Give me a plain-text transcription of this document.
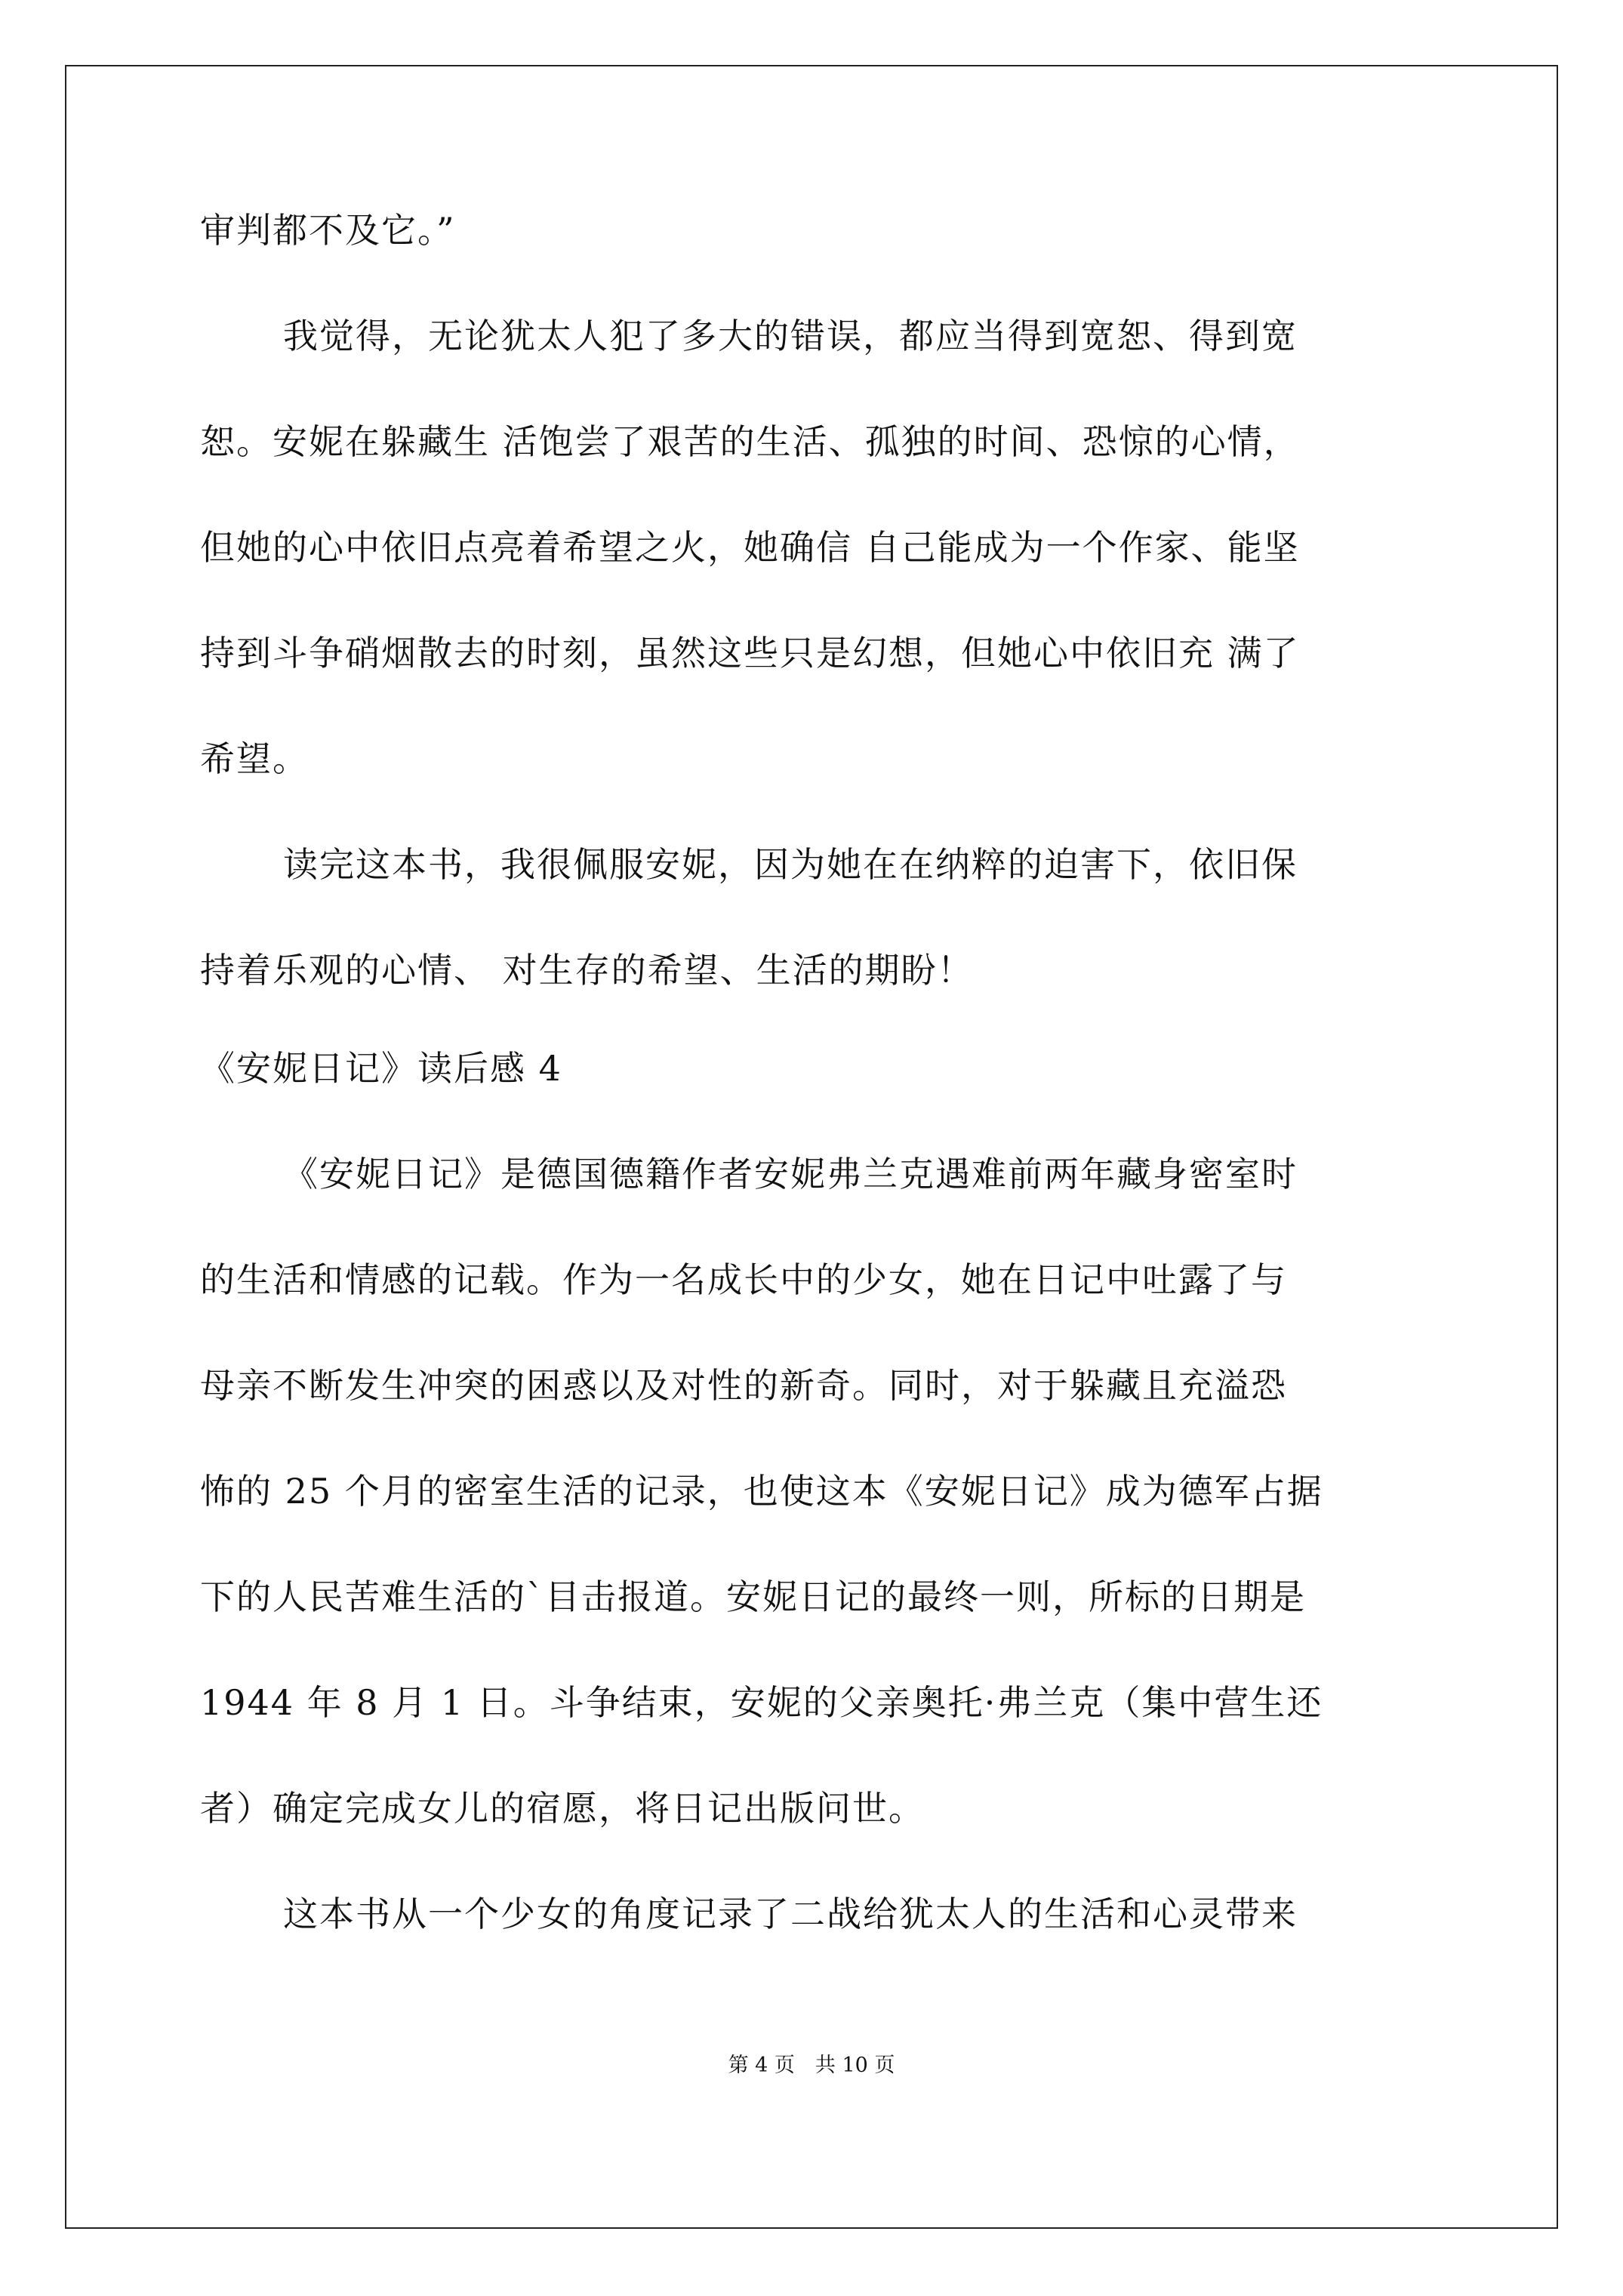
审判都不及它。”
我觉得，无论犹太人犯了多大的错误，都应当得到宽恕、得到宽
恕。安妮在躲藏生 活饱尝了艰苦的生活、孤独的时间、恐惊的心情，
但她的心中依旧点亮着希望之火，她确信 自己能成为一个作家、能坚
持到斗争硝烟散去的时刻，虽然这些只是幻想，但她心中依旧充 满了
希望。
读完这本书，我很佩服安妮，因为她在在纳粹的迫害下，依旧保
持着乐观的心情、 对生存的希望、生活的期盼！
《安妮日记》读后感 4
《安妮日记》是德国德籍作者安妮弗兰克遇难前两年藏身密室时
的生活和情感的记载。作为一名成长中的少女，她在日记中吐露了与
母亲不断发生冲突的困惑以及对性的新奇。同时，对于躲藏且充溢恐
怖的 25 个月的密室生活的记录，也使这本《安妮日记》成为德军占据
下的人民苦难生活的`目击报道。安妮日记的最终一则，所标的日期是
1944 年 8 月 1 日。斗争结束，安妮的父亲奥托·弗兰克（集中营生还
者）确定完成女儿的宿愿，将日记出版问世。
这本书从一个少女的角度记录了二战给犹太人的生活和心灵带来
第 4 页　共 10 页
